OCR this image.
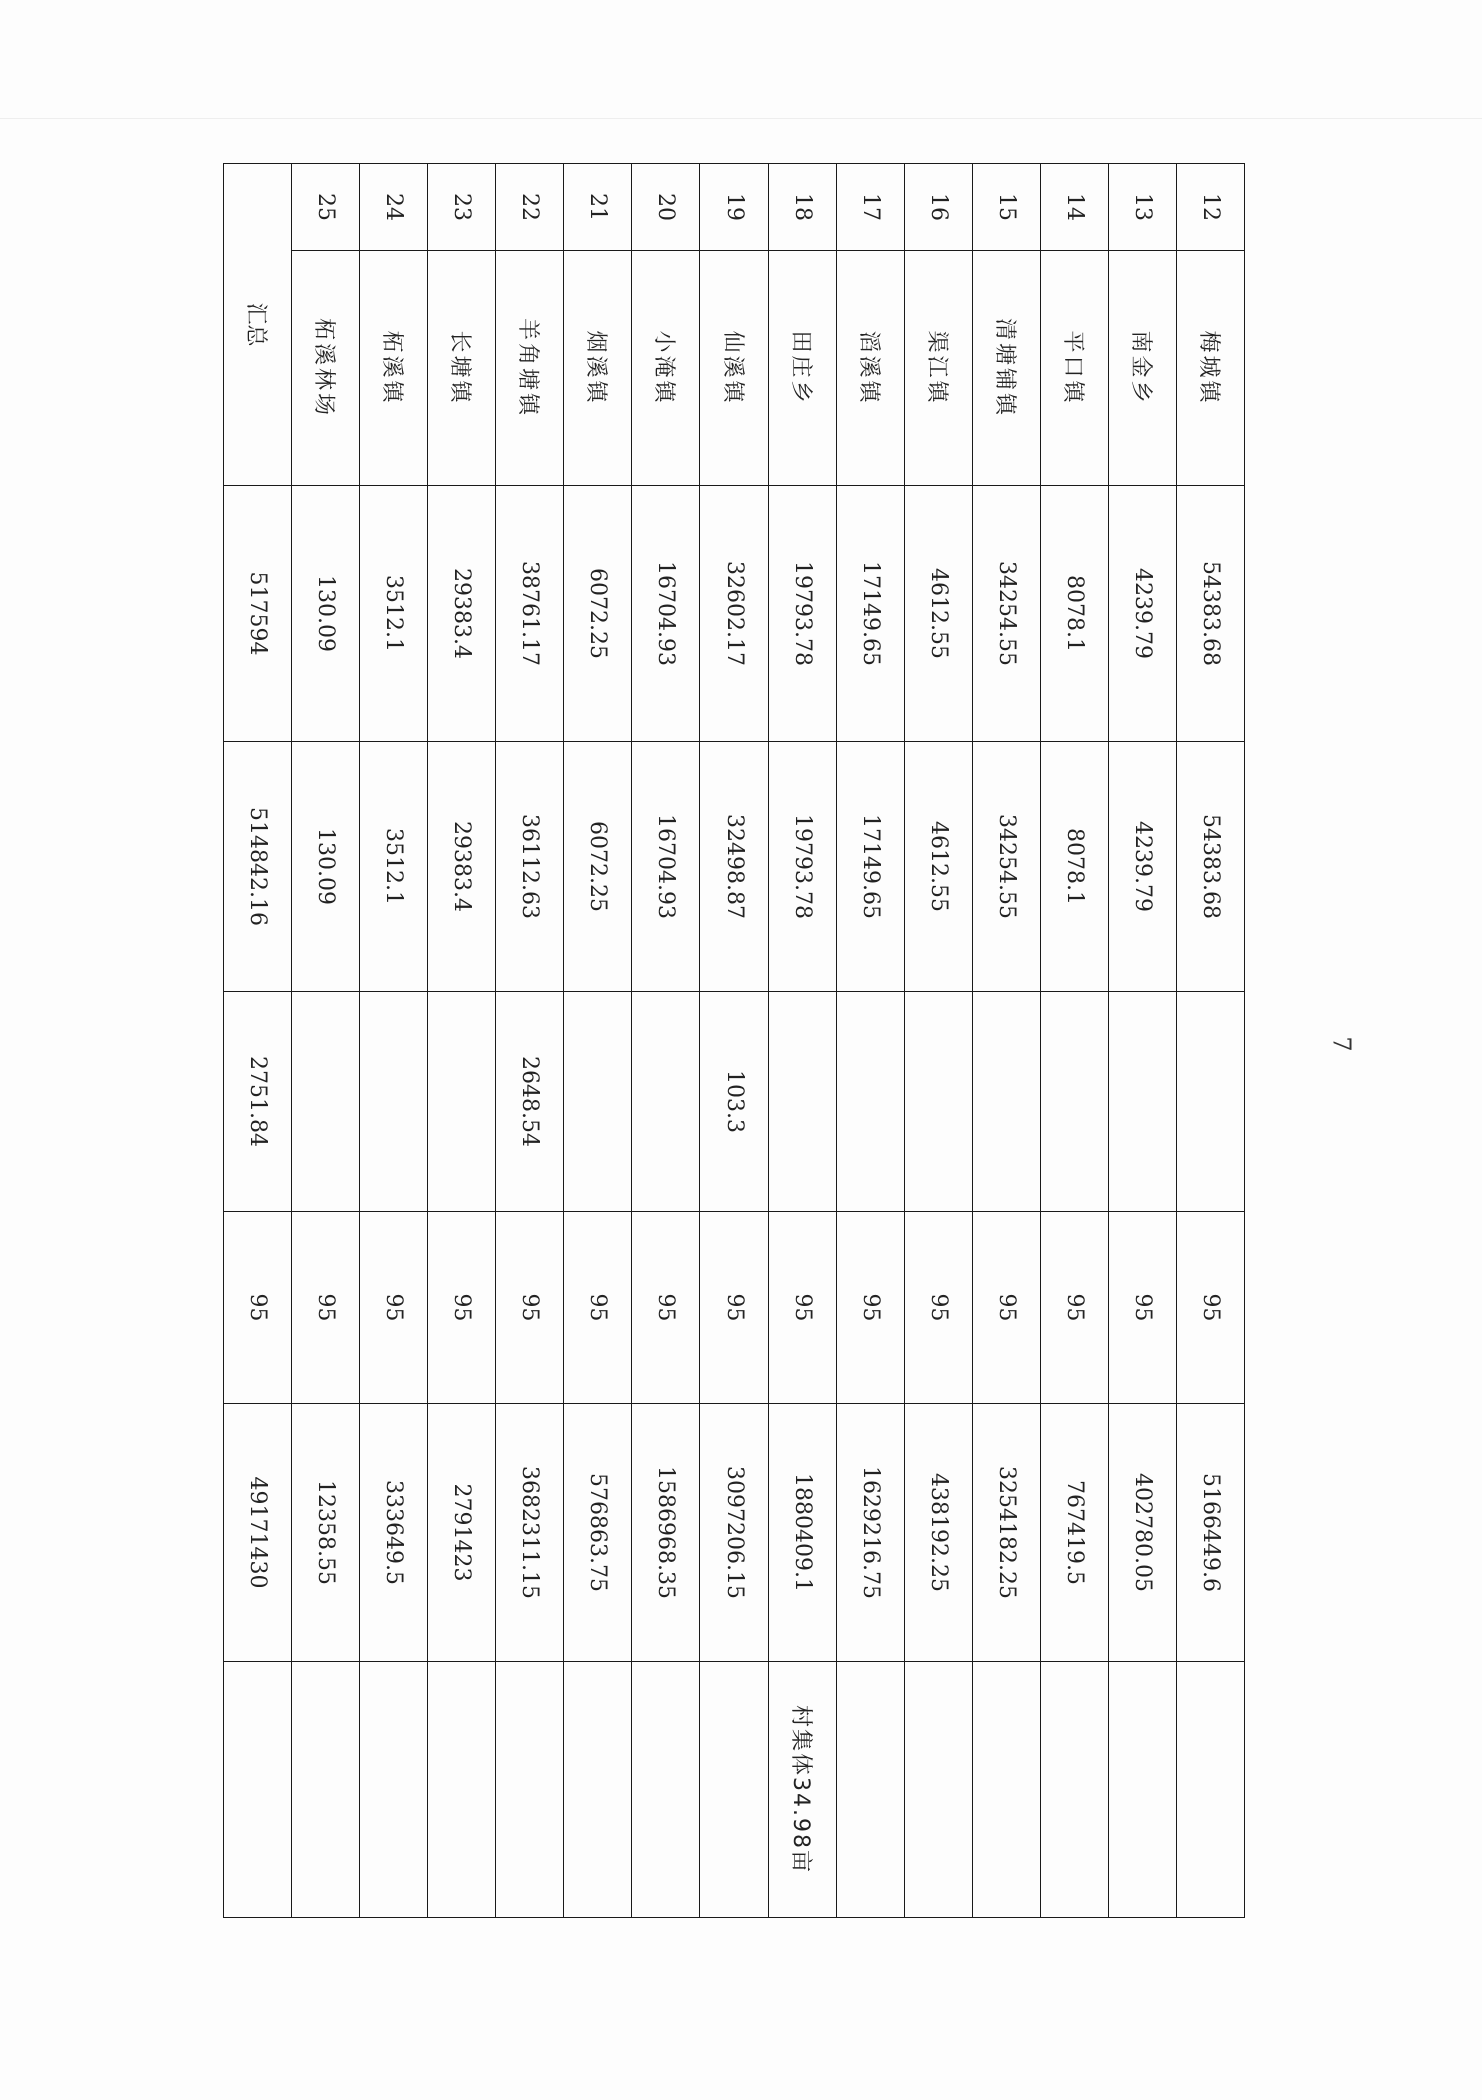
12	梅城镇	54383.68	54383.68		95	5166449.6	
13	南金乡	4239.79	4239.79		95	402780.05	
14	平口镇	8078.1	8078.1		95	767419.5	
15	清塘铺镇	34254.55	34254.55		95	3254182.25	
16	渠江镇	4612.55	4612.55		95	438192.25	
17	滔溪镇	17149.65	17149.65		95	1629216.75	
18	田庄乡	19793.78	19793.78		95	1880409.1	村集体34.98亩
19	仙溪镇	32602.17	32498.87	103.3	95	3097206.15	
20	小淹镇	16704.93	16704.93		95	1586968.35	
21	烟溪镇	6072.25	6072.25		95	576863.75	
22	羊角塘镇	38761.17	36112.63	2648.54	95	3682311.15	
23	长塘镇	29383.4	29383.4		95	2791423	
24	柘溪镇	3512.1	3512.1		95	333649.5	
25	柘溪林场	130.09	130.09		95	12358.55	
汇总		517594	514842.16	2751.84	95	49171430	
7
